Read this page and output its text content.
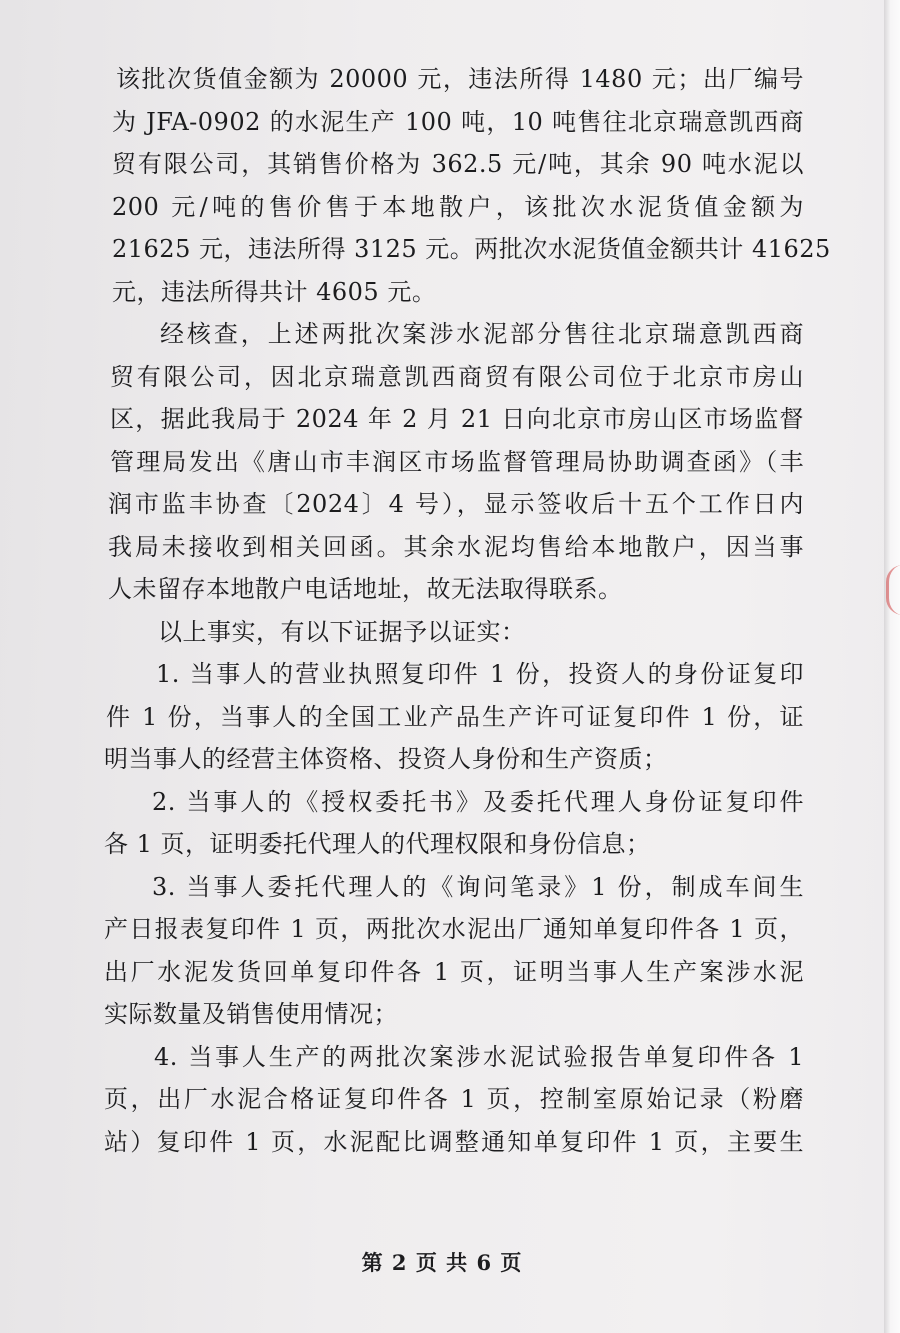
该批次货值金额为 20000 元，违法所得 1480 元；出厂编号
为 JFA-0902 的水泥生产 100 吨，10 吨售往北京瑞意凯西商
贸有限公司，其销售价格为 362.5 元/吨，其余 90 吨水泥以
200 元/吨的售价售于本地散户，该批次水泥货值金额为
21625 元，违法所得 3125 元。两批次水泥货值金额共计 41625
元，违法所得共计 4605 元。
经核查，上述两批次案涉水泥部分售往北京瑞意凯西商
贸有限公司，因北京瑞意凯西商贸有限公司位于北京市房山
区，据此我局于 2024 年 2 月 21 日向北京市房山区市场监督
管理局发出《唐山市丰润区市场监督管理局协助调查函》（丰
润市监丰协查〔2024〕4 号），显示签收后十五个工作日内
我局未接收到相关回函。其余水泥均售给本地散户，因当事
人未留存本地散户电话地址，故无法取得联系。
以上事实，有以下证据予以证实：
1. 当事人的营业执照复印件 1 份，投资人的身份证复印
件 1 份，当事人的全国工业产品生产许可证复印件 1 份，证
明当事人的经营主体资格、投资人身份和生产资质；
2. 当事人的《授权委托书》及委托代理人身份证复印件
各 1 页，证明委托代理人的代理权限和身份信息；
3. 当事人委托代理人的《询问笔录》1 份，制成车间生
产日报表复印件 1 页，两批次水泥出厂通知单复印件各 1 页，
出厂水泥发货回单复印件各 1 页，证明当事人生产案涉水泥
实际数量及销售使用情况；
4. 当事人生产的两批次案涉水泥试验报告单复印件各 1
页，出厂水泥合格证复印件各 1 页，控制室原始记录（粉磨
站）复印件 1 页，水泥配比调整通知单复印件 1 页，主要生
第 2 页 共 6 页
